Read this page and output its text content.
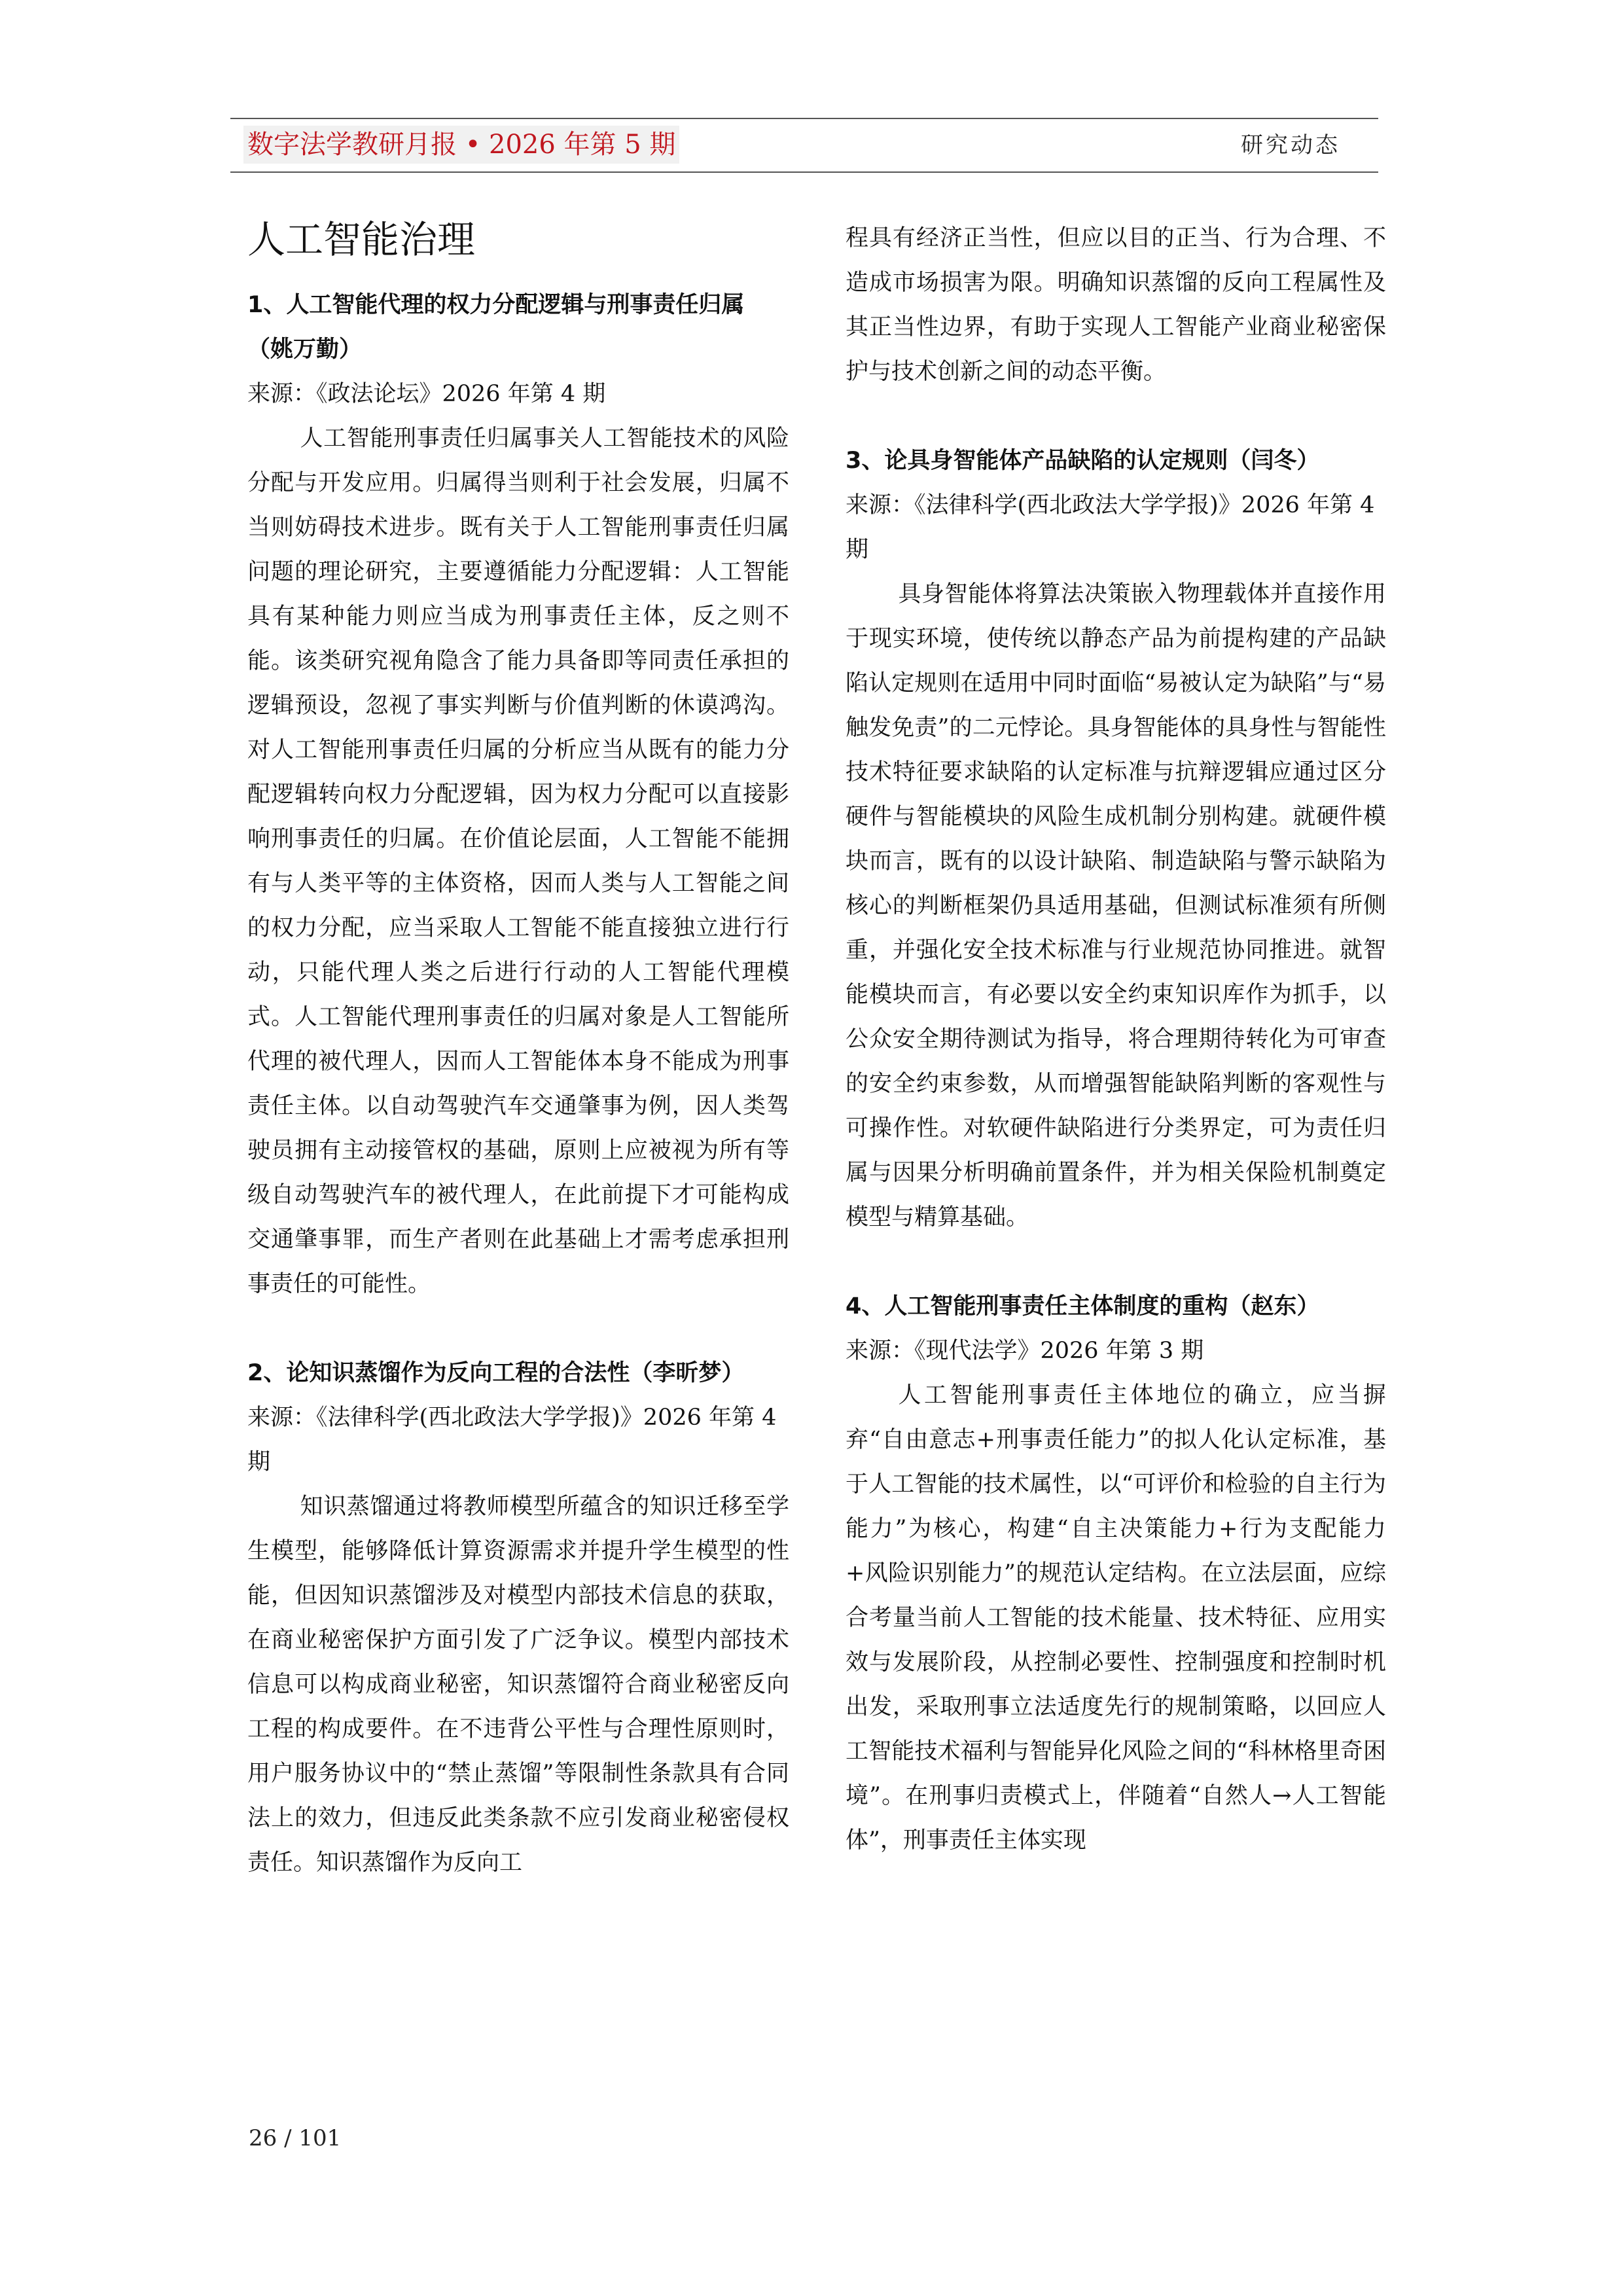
数字法学教研月报 • 2026 年第 5 期	研究动态
人工智能治理

1、人工智能代理的权力分配逻辑与刑事责任归属（姚万勤）

来源：《政法论坛》2026 年第 4 期

人工智能刑事责任归属事关人工智能技术的风险分配与开发应用。归属得当则利于社会发展，归属不当则妨碍技术进步。既有关于人工智能刑事责任归属问题的理论研究，主要遵循能力分配逻辑：人工智能具有某种能力则应当成为刑事责任主体，反之则不能。该类研究视角隐含了能力具备即等同责任承担的逻辑预设，忽视了事实判断与价值判断的休谟鸿沟。对人工智能刑事责任归属的分析应当从既有的能力分配逻辑转向权力分配逻辑，因为权力分配可以直接影响刑事责任的归属。在价值论层面，人工智能不能拥有与人类平等的主体资格，因而人类与人工智能之间的权力分配，应当采取人工智能不能直接独立进行行动，只能代理人类之后进行行动的人工智能代理模式。人工智能代理刑事责任的归属对象是人工智能所代理的被代理人，因而人工智能体本身不能成为刑事责任主体。以自动驾驶汽车交通肇事为例，因人类驾驶员拥有主动接管权的基础，原则上应被视为所有等级自动驾驶汽车的被代理人，在此前提下才可能构成交通肇事罪，而生产者则在此基础上才需考虑承担刑事责任的可能性。

2、论知识蒸馏作为反向工程的合法性（李昕梦）

来源：《法律科学(西北政法大学学报)》2026 年第 4 期

知识蒸馏通过将教师模型所蕴含的知识迁移至学生模型，能够降低计算资源需求并提升学生模型的性能，但因知识蒸馏涉及对模型内部技术信息的获取，在商业秘密保护方面引发了广泛争议。模型内部技术信息可以构成商业秘密，知识蒸馏符合商业秘密反向工程的构成要件。在不违背公平性与合理性原则时，用户服务协议中的“禁止蒸馏”等限制性条款具有合同法上的效力，但违反此类条款不应引发商业秘密侵权责任。知识蒸馏作为反向工

程具有经济正当性，但应以目的正当、行为合理、不造成市场损害为限。明确知识蒸馏的反向工程属性及其正当性边界，有助于实现人工智能产业商业秘密保护与技术创新之间的动态平衡。

3、论具身智能体产品缺陷的认定规则（闫冬）

来源：《法律科学(西北政法大学学报)》2026 年第 4 期

具身智能体将算法决策嵌入物理载体并直接作用于现实环境，使传统以静态产品为前提构建的产品缺陷认定规则在适用中同时面临“易被认定为缺陷”与“易触发免责”的二元悖论。具身智能体的具身性与智能性技术特征要求缺陷的认定标准与抗辩逻辑应通过区分硬件与智能模块的风险生成机制分别构建。就硬件模块而言，既有的以设计缺陷、制造缺陷与警示缺陷为核心的判断框架仍具适用基础，但测试标准须有所侧重，并强化安全技术标准与行业规范协同推进。就智能模块而言，有必要以安全约束知识库作为抓手，以公众安全期待测试为指导，将合理期待转化为可审查的安全约束参数，从而增强智能缺陷判断的客观性与可操作性。对软硬件缺陷进行分类界定，可为责任归属与因果分析明确前置条件，并为相关保险机制奠定模型与精算基础。

4、人工智能刑事责任主体制度的重构（赵东）

来源：《现代法学》2026 年第 3 期

人工智能刑事责任主体地位的确立，应当摒弃“自由意志+刑事责任能力”的拟人化认定标准，基于人工智能的技术属性，以“可评价和检验的自主行为能力”为核心，构建“自主决策能力+行为支配能力+风险识别能力”的规范认定结构。在立法层面，应综合考量当前人工智能的技术能量、技术特征、应用实效与发展阶段，从控制必要性、控制强度和控制时机出发，采取刑事立法适度先行的规制策略，以回应人工智能技术福利与智能异化风险之间的“科林格里奇困境”。在刑事归责模式上，伴随着“自然人→人工智能体”，刑事责任主体实现

26 / 101
